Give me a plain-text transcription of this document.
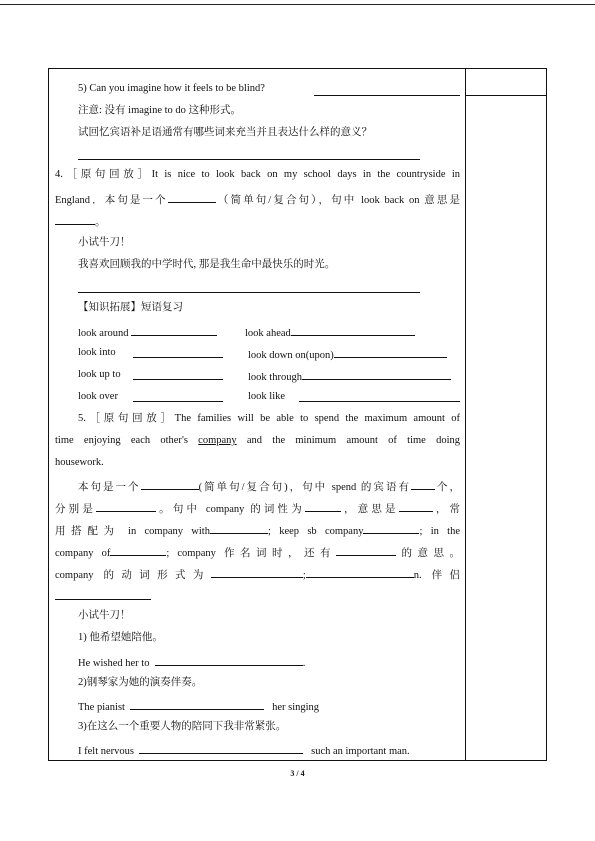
5) Can you imagine how it feels to be blind?
注意: 没有 imagine to do 这种形式。
试回忆宾语补足语通常有哪些词来充当并且表达什么样的意义？
4.［原句回放］It is nice to look back on my school days in the countryside in
England．本句是一个	（简单句/复合句），句中 look back on 意思是
。
小试牛刀！
我喜欢回顾我的中学时代, 那是我生命中最快乐的时光。
【知识拓展】短语复习
look around	look ahead
look into	look down on(upon)
look up to	look through
look over	look like
5.［原句回放］The families will be able to spend the maximum amount of
time enjoying each other's company and the minimum amount of time doing
housework.
本句是一个	(简单句/复合句)，句中 spend 的宾语有 个，
分别是	。句中 company 的词性为	，意思是	，常
用搭配为 in company with	; keep sb company	; in the
company of	; company 作名词时，还有	的意思。
company 的动词形式为	;	n. 伴侣
小试牛刀！
1) 他希望她陪他。
He wished her to	.
2)钢琴家为她的演奏伴奏。
The pianist	her singing
3)在这么一个重要人物的陪同下我非常紧张。
I felt nervous	such an important man.
3 / 4
